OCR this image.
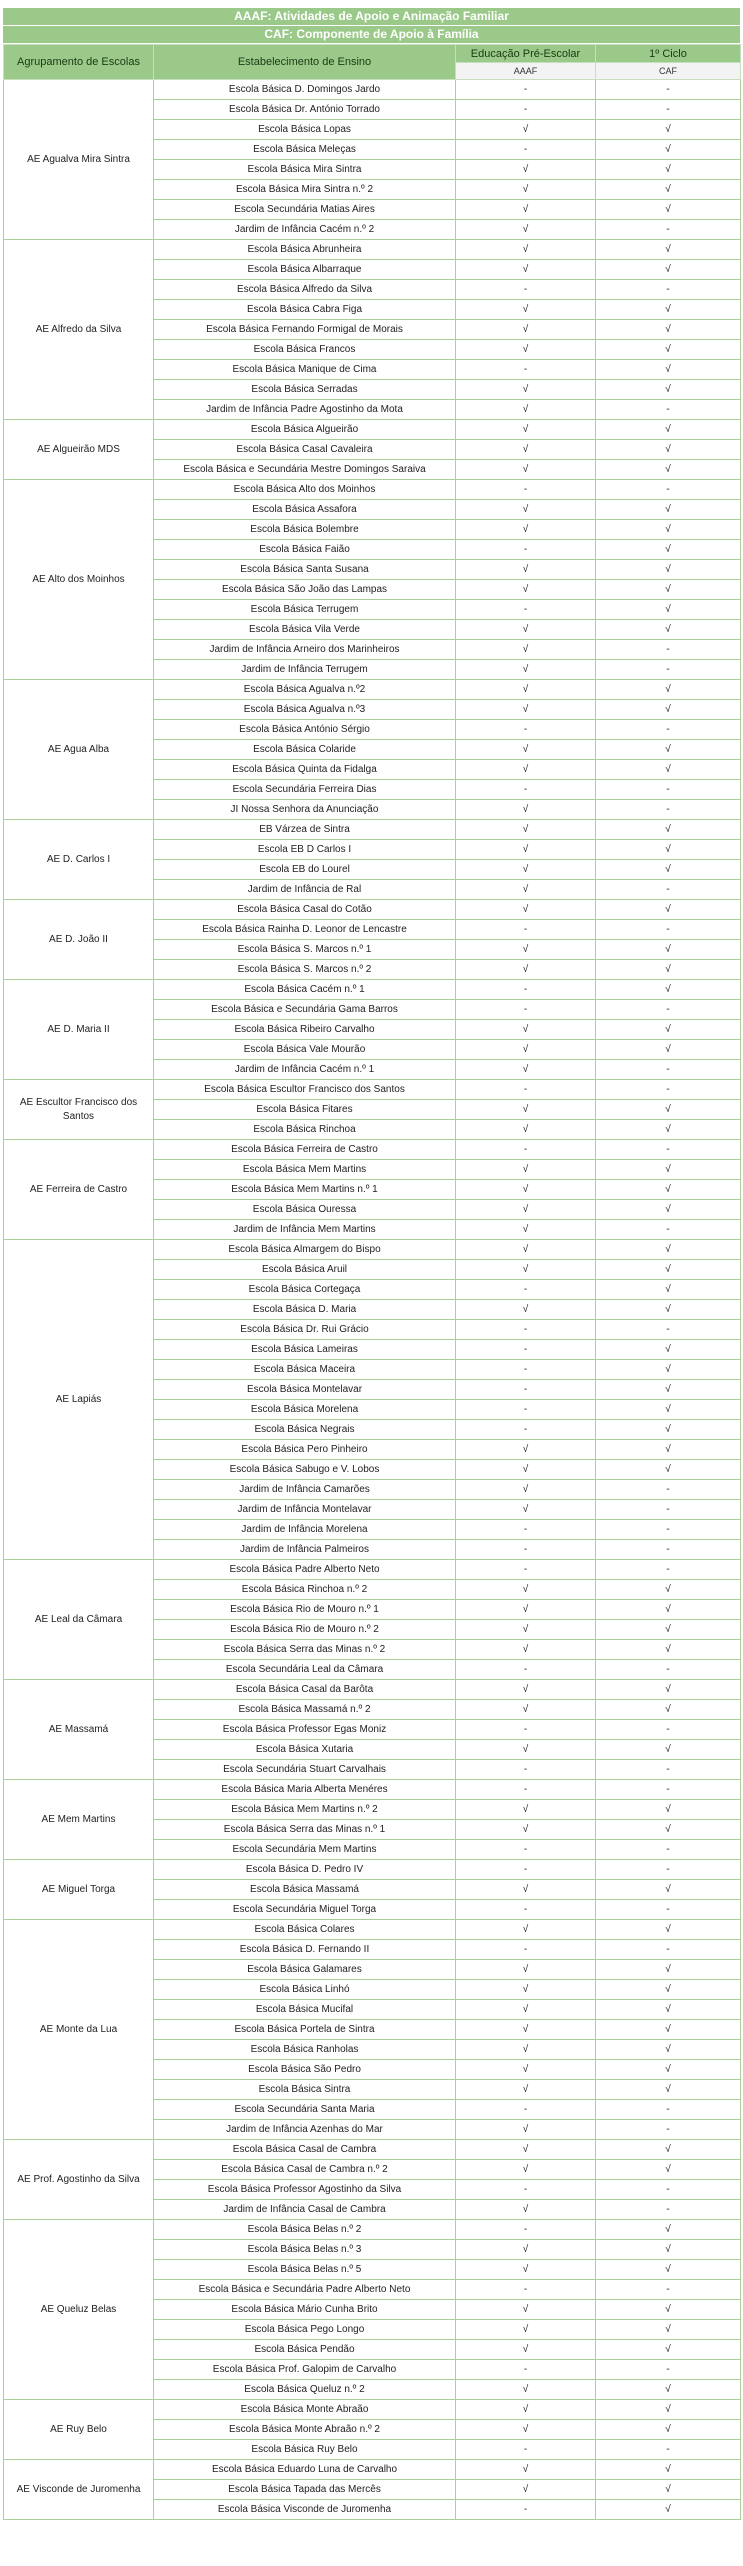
AAAF: Atividades de Apoio e Animação Familiar
CAF: Componente de Apoio à Família
Agrupamento de Escolas	Estabelecimento de Ensino	Educação Pré-Escolar	1º Ciclo
		AAAF	CAF
AE Agualva Mira Sintra	Escola Básica D. Domingos Jardo	-	-
	Escola Básica Dr. António Torrado	-	-
	Escola Básica Lopas	√	√
	Escola Básica Meleças	-	√
	Escola Básica Mira Sintra	√	√
	Escola Básica Mira Sintra n.º 2	√	√
	Escola Secundária Matias Aires	√	√
	Jardim de Infância Cacém n.º 2	√	-
AE Alfredo da Silva	Escola Básica Abrunheira	√	√
	Escola Básica Albarraque	√	√
	Escola Básica Alfredo da Silva	-	-
	Escola Básica Cabra Figa	√	√
	Escola Básica Fernando Formigal de Morais	√	√
	Escola Básica Francos	√	√
	Escola Básica Manique de Cima	-	√
	Escola Básica Serradas	√	√
	Jardim de Infância Padre Agostinho da Mota	√	-
AE Algueirão MDS	Escola Básica Algueirão	√	√
	Escola Básica Casal Cavaleira	√	√
	Escola Básica e Secundária Mestre Domingos Saraiva	√	√
AE Alto dos Moinhos	Escola Básica Alto dos Moinhos	-	-
	Escola Básica Assafora	√	√
	Escola Básica Bolembre	√	√
	Escola Básica Faião	-	√
	Escola Básica Santa Susana	√	√
	Escola Básica São João das Lampas	√	√
	Escola Básica Terrugem	-	√
	Escola Básica Vila Verde	√	√
	Jardim de Infância Arneiro dos Marinheiros	√	-
	Jardim de Infância Terrugem	√	-
AE Agua Alba	Escola Básica Agualva n.º2	√	√
	Escola Básica Agualva n.º3	√	√
	Escola Básica António Sérgio	-	-
	Escola Básica Colaride	√	√
	Escola Básica Quinta da Fidalga	√	√
	Escola Secundária Ferreira Dias	-	-
	JI Nossa Senhora da Anunciação	√	-
AE D. Carlos I	EB Várzea de Sintra	√	√
	Escola EB D Carlos I	√	√
	Escola EB do Lourel	√	√
	Jardim de Infância de Ral	√	-
AE D. João II	Escola Básica Casal do Cotão	√	√
	Escola Básica Rainha D. Leonor de Lencastre	-	-
	Escola Básica S. Marcos n.º 1	√	√
	Escola Básica S. Marcos n.º 2	√	√
AE D. Maria II	Escola Básica Cacém n.º 1	-	√
	Escola Básica e Secundária Gama Barros	-	-
	Escola Básica Ribeiro Carvalho	√	√
	Escola Básica Vale Mourão	√	√
	Jardim de Infância Cacém n.º 1	√	-
AE Escultor Francisco dos Santos	Escola Básica Escultor Francisco dos Santos	-	-
	Escola Básica Fitares	√	√
	Escola Básica Rinchoa	√	√
AE Ferreira de Castro	Escola Básica Ferreira de Castro	-	-
	Escola Básica Mem Martins	√	√
	Escola Básica Mem Martins n.º 1	√	√
	Escola Básica Ouressa	√	√
	Jardim de Infância Mem Martins	√	-
AE Lapiás	Escola Básica Almargem do Bispo	√	√
	Escola Básica Aruil	√	√
	Escola Básica Cortegaça	-	√
	Escola Básica D. Maria	√	√
	Escola Básica Dr. Rui Grácio	-	-
	Escola Básica Lameiras	-	√
	Escola Básica Maceira	-	√
	Escola Básica Montelavar	-	√
	Escola Básica Morelena	-	√
	Escola Básica Negrais	-	√
	Escola Básica Pero Pinheiro	√	√
	Escola Básica Sabugo e V. Lobos	√	√
	Jardim de Infância Camarões	√	-
	Jardim de Infância Montelavar	√	-
	Jardim de Infância Morelena	-	-
	Jardim de Infância Palmeiros	-	-
AE Leal da Câmara	Escola Básica Padre Alberto Neto	-	-
	Escola Básica Rinchoa n.º 2	√	√
	Escola Básica Rio de Mouro n.º 1	√	√
	Escola Básica Rio de Mouro n.º 2	√	√
	Escola Básica Serra das Minas n.º 2	√	√
	Escola Secundária Leal da Câmara	-	-
AE Massamá	Escola Básica Casal da Barôta	√	√
	Escola Básica Massamá n.º 2	√	√
	Escola Básica Professor Egas Moniz	-	-
	Escola Básica Xutaria	√	√
	Escola Secundária Stuart Carvalhais	-	-
AE Mem Martins	Escola Básica Maria Alberta Menéres	-	-
	Escola Básica Mem Martins n.º 2	√	√
	Escola Básica Serra das Minas n.º 1	√	√
	Escola Secundária Mem Martins	-	-
AE Miguel Torga	Escola Básica D. Pedro IV	-	-
	Escola Básica Massamá	√	√
	Escola Secundária Miguel Torga	-	-
AE Monte da Lua	Escola Básica Colares	√	√
	Escola Básica D. Fernando II	-	-
	Escola Básica Galamares	√	√
	Escola Básica Linhó	√	√
	Escola Básica Mucifal	√	√
	Escola Básica Portela de Sintra	√	√
	Escola Básica Ranholas	√	√
	Escola Básica São Pedro	√	√
	Escola Básica Sintra	√	√
	Escola Secundária Santa Maria	-	-
	Jardim de Infância Azenhas do Mar	√	-
AE Prof. Agostinho da Silva	Escola Básica Casal de Cambra	√	√
	Escola Básica Casal de Cambra n.º 2	√	√
	Escola Básica Professor Agostinho da Silva	-	-
	Jardim de Infância Casal de Cambra	√	-
AE Queluz Belas	Escola Básica Belas n.º 2	-	√
	Escola Básica Belas n.º 3	√	√
	Escola Básica Belas n.º 5	√	√
	Escola Básica e Secundária Padre Alberto Neto	-	-
	Escola Básica Mário Cunha Brito	√	√
	Escola Básica Pego Longo	√	√
	Escola Básica Pendão	√	√
	Escola Básica Prof. Galopim de Carvalho	-	-
	Escola Básica Queluz n.º 2	√	√
AE Ruy Belo	Escola Básica Monte Abraão	√	√
	Escola Básica Monte Abraão n.º 2	√	√
	Escola Básica Ruy Belo	-	-
AE Visconde de Juromenha	Escola Básica Eduardo Luna de Carvalho	√	√
	Escola Básica Tapada das Mercês	√	√
	Escola Básica Visconde de Juromenha	-	√
